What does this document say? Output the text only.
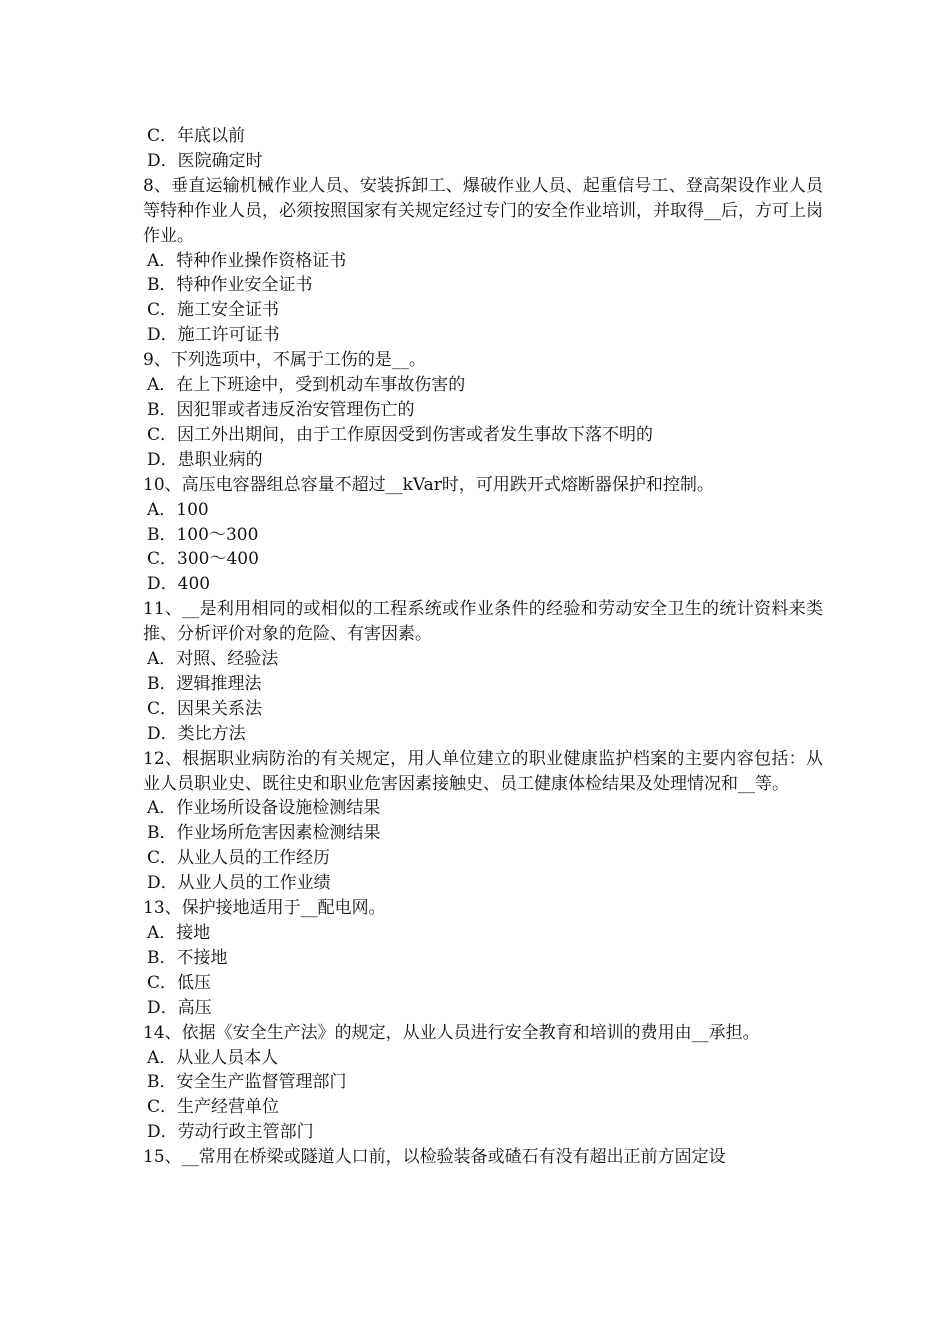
C．年底以前

D．医院确定时

8、垂直运输机械作业人员、安装拆卸工、爆破作业人员、起重信号工、登高架设作业人员等特种作业人员，必须按照国家有关规定经过专门的安全作业培训，并取得__后，方可上岗作业。

A．特种作业操作资格证书

B．特种作业安全证书

C．施工安全证书

D．施工许可证书

9、下列选项中，不属于工伤的是__。

A．在上下班途中，受到机动车事故伤害的

B．因犯罪或者违反治安管理伤亡的

C．因工外出期间，由于工作原因受到伤害或者发生事故下落不明的

D．患职业病的

10、高压电容器组总容量不超过__kVar时，可用跌开式熔断器保护和控制。

A．100

B．100～300

C．300～400

D．400

11、__是利用相同的或相似的工程系统或作业条件的经验和劳动安全卫生的统计资料来类推、分析评价对象的危险、有害因素。

A．对照、经验法

B．逻辑推理法

C．因果关系法

D．类比方法

12、根据职业病防治的有关规定，用人单位建立的职业健康监护档案的主要内容包括：从业人员职业史、既往史和职业危害因素接触史、员工健康体检结果及处理情况和__等。

A．作业场所设备设施检测结果

B．作业场所危害因素检测结果

C．从业人员的工作经历

D．从业人员的工作业绩

13、保护接地适用于__配电网。

A．接地

B．不接地

C．低压

D．高压

14、依据《安全生产法》的规定，从业人员进行安全教育和培训的费用由__承担。

A．从业人员本人

B．安全生产监督管理部门

C．生产经营单位

D．劳动行政主管部门

15、__常用在桥梁或隧道人口前，以检验装备或碴石有没有超出正前方固定设
